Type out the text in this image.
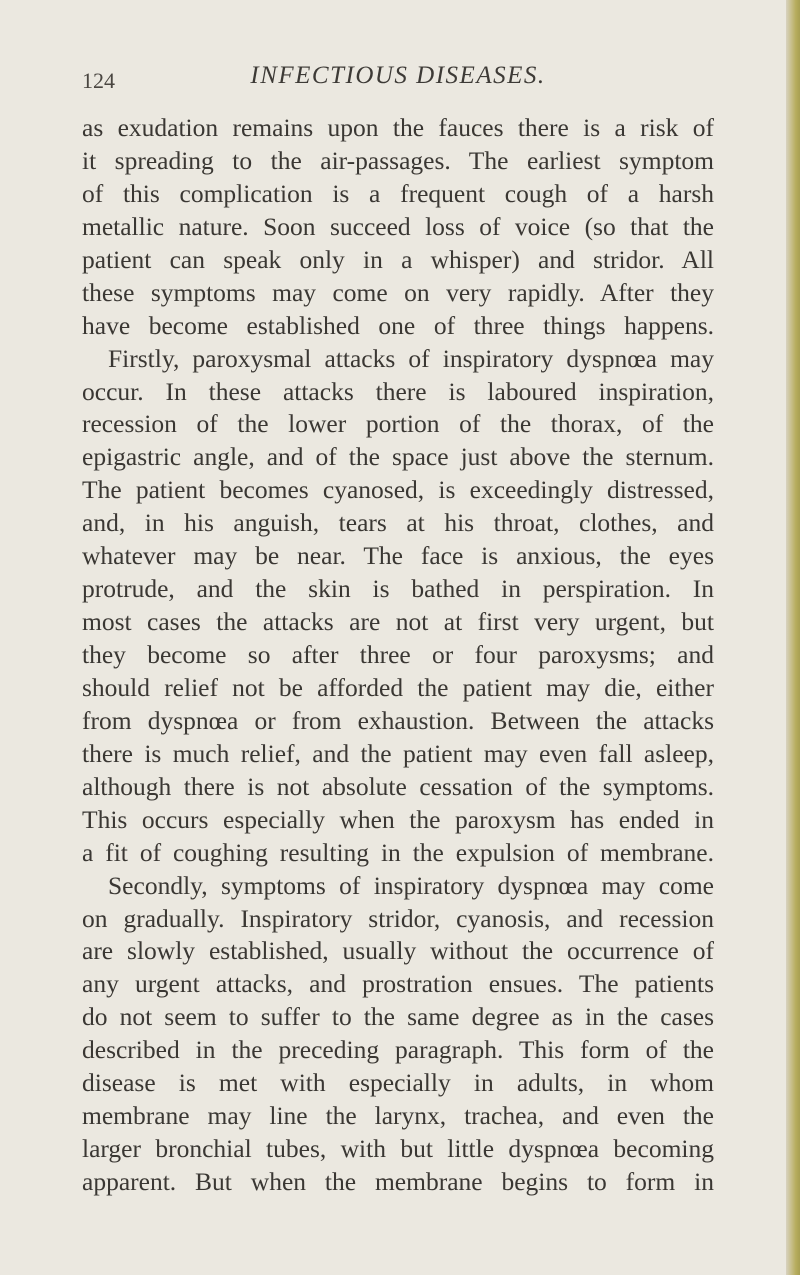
124	INFECTIOUS DISEASES.
as exudation remains upon the fauces there is a risk of
it spreading to the air-passages. The earliest symptom
of this complication is a frequent cough of a harsh
metallic nature. Soon succeed loss of voice (so that the
patient can speak only in a whisper) and stridor. All
these symptoms may come on very rapidly. After they
have become established one of three things happens.
Firstly, paroxysmal attacks of inspiratory dyspnœa may
occur. In these attacks there is laboured inspiration,
recession of the lower portion of the thorax, of the
epigastric angle, and of the space just above the sternum.
The patient becomes cyanosed, is exceedingly distressed,
and, in his anguish, tears at his throat, clothes, and
whatever may be near. The face is anxious, the eyes
protrude, and the skin is bathed in perspiration. In
most cases the attacks are not at first very urgent, but
they become so after three or four paroxysms; and
should relief not be afforded the patient may die, either
from dyspnœa or from exhaustion. Between the attacks
there is much relief, and the patient may even fall asleep,
although there is not absolute cessation of the symptoms.
This occurs especially when the paroxysm has ended in
a fit of coughing resulting in the expulsion of membrane.
Secondly, symptoms of inspiratory dyspnœa may come
on gradually. Inspiratory stridor, cyanosis, and recession
are slowly established, usually without the occurrence of
any urgent attacks, and prostration ensues. The patients
do not seem to suffer to the same degree as in the cases
described in the preceding paragraph. This form of the
disease is met with especially in adults, in whom
membrane may line the larynx, trachea, and even the
larger bronchial tubes, with but little dyspnœa becoming
apparent. But when the membrane begins to form in
